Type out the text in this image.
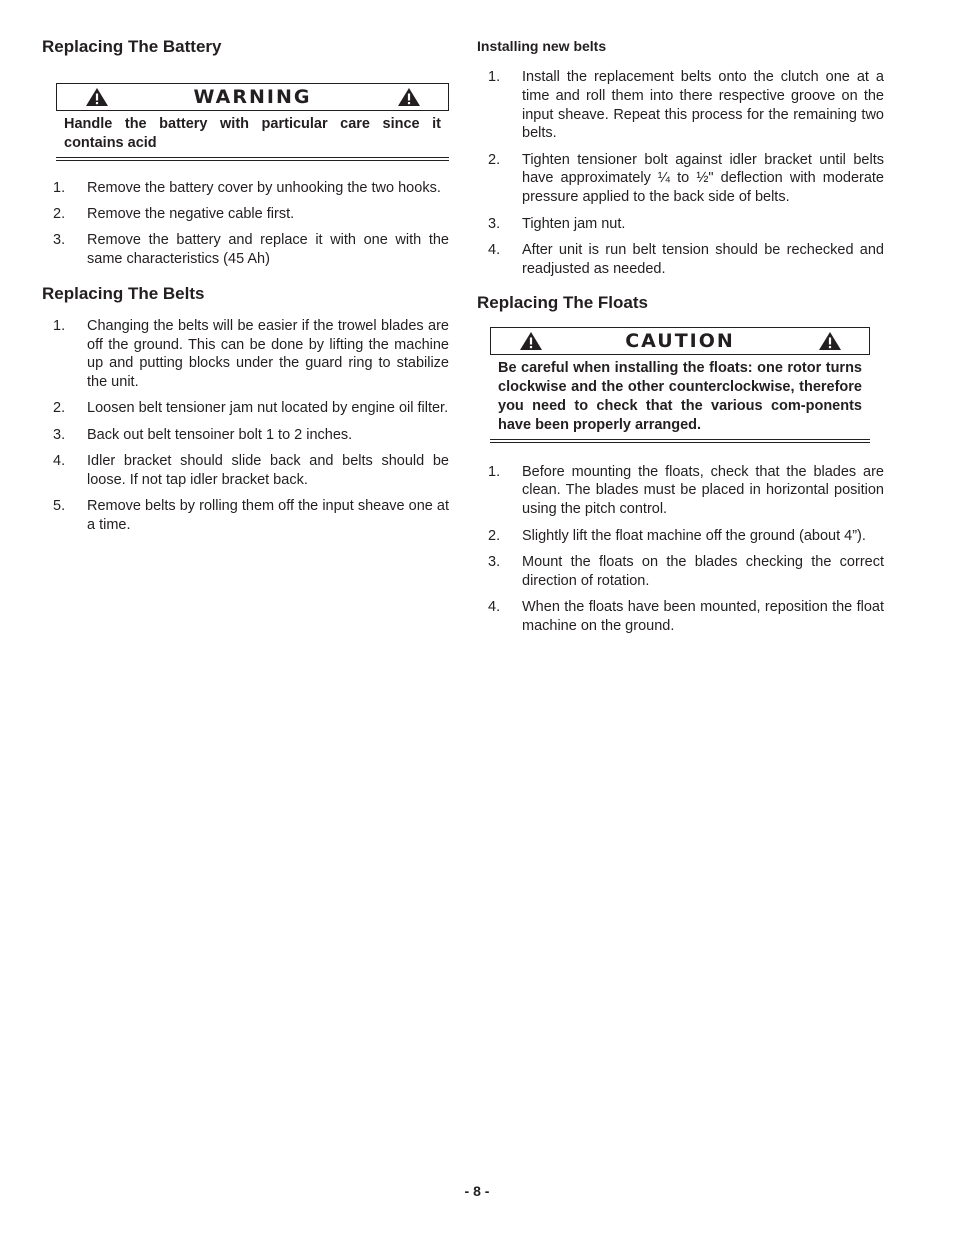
Replacing The Battery
WARNING
Handle the battery with particular care since it contains acid
1. Remove the battery cover by unhooking the two hooks.
2. Remove the negative cable first.
3. Remove the battery and replace it with one with the same characteristics (45 Ah)
Replacing The Belts
1. Changing the belts will be easier if the trowel blades are off the ground. This can be done by lifting the machine up and putting blocks under the guard ring to stabilize the unit.
2. Loosen belt tensioner jam nut located by engine oil filter.
3. Back out belt tensoiner bolt 1 to 2 inches.
4. Idler bracket should slide back and belts should be loose. If not tap idler bracket back.
5. Remove belts by rolling them off the input sheave one at a time.
Installing new belts
1. Install the replacement belts onto the clutch one at a time and roll them into there respective groove on the input sheave. Repeat this process for the remaining two belts.
2. Tighten tensioner bolt against idler bracket until belts have approximately ¼ to ½" deflection with moderate pressure applied to the back side of belts.
3. Tighten jam nut.
4. After unit is run belt tension should be rechecked and readjusted as needed.
Replacing The Floats
CAUTION
Be careful when installing the floats: one rotor turns clockwise and the other counterclockwise, therefore you need to check that the various com-ponents have been properly arranged.
1. Before mounting the floats, check that the blades are clean. The blades must be placed in horizontal position using the pitch control.
2. Slightly lift the float machine off the ground (about 4”).
3. Mount the floats on the blades checking the correct direction of rotation.
4. When the floats have been mounted, reposition the float machine on the ground.
- 8 -
